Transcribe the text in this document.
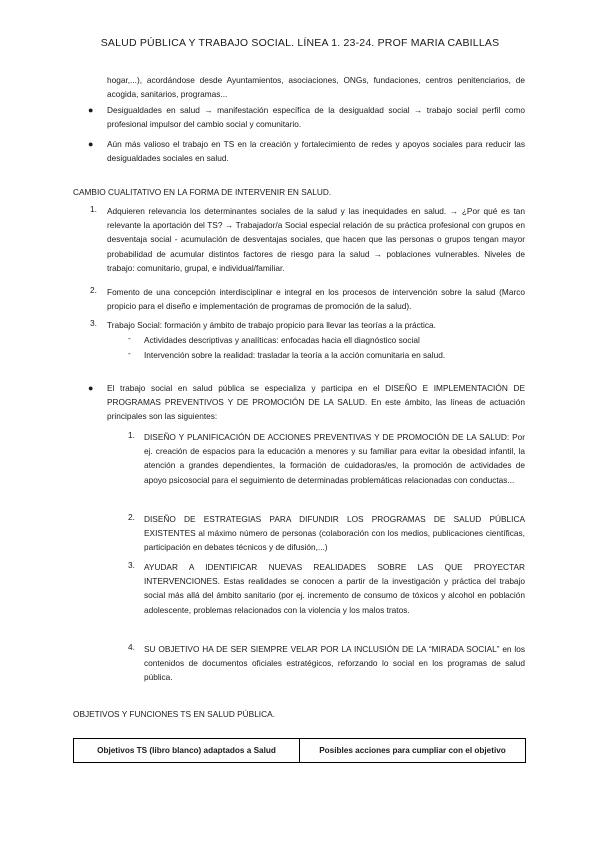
SALUD PÚBLICA Y TRABAJO SOCIAL. LÍNEA 1. 23-24. PROF MARIA CABILLAS

hogar,...), acordándose desde Ayuntamientos, asociaciones, ONGs, fundaciones, centros penitenciarios, de acogida, sanitarios, programas...

● Desigualdades en salud → manifestación específica de la desigualdad social → trabajo social perfil como profesional impulsor del cambio social y comunitario.

● Aún más valioso el trabajo en TS en la creación y fortalecimiento de redes y apoyos sociales para reducir las desigualdades sociales en salud.

CAMBIO CUALITATIVO EN LA FORMA DE INTERVENIR EN SALUD.

1. Adquieren relevancia los determinantes sociales de la salud y las inequidades en salud. → ¿Por qué es tan relevante la aportación del TS? → Trabajador/a Social especial relación de su práctica profesional con grupos en desventaja social - acumulación de desventajas sociales, que hacen que las personas o grupos tengan mayor probabilidad de acumular distintos factores de riesgo para la salud → poblaciones vulnerables. Niveles de trabajo: comunitario, grupal, e individual/familiar.

2. Fomento de una concepción interdisciplinar e integral en los procesos de intervención sobre la salud (Marco propicio para el diseño e implementación de programas de promoción de la salud).

3. Trabajo Social: formación y ámbito de trabajo propicio para llevar las teorías a la práctica.

- Actividades descriptivas y analíticas: enfocadas hacia ell diagnóstico social

- Intervención sobre la realidad: trasladar la teoría a la acción comunitaria en salud.

● El trabajo social en salud pública se especializa y participa en el DISEÑO E IMPLEMENTACIÓN DE PROGRAMAS PREVENTIVOS Y DE PROMOCIÓN DE LA SALUD. En este ámbito, las líneas de actuación principales son las siguientes:

1. DISEÑO Y PLANIFICACIÓN DE ACCIONES PREVENTIVAS Y DE PROMOCIÓN DE LA SALUD: Por ej. creación de espacios para la educación a menores y su familiar para evitar la obesidad infantil, la atención a grandes dependientes, la formación de cuidadoras/es, la promoción de actividades de apoyo psicosocial para el seguimiento de determinadas problemáticas relacionadas con conductas...

2. DISEÑO DE ESTRATEGIAS PARA DIFUNDIR LOS PROGRAMAS DE SALUD PÚBLICA EXISTENTES al máximo número de personas (colaboración con los medios, publicaciones científicas, participación en debates técnicos y de difusión,...)

3. AYUDAR A IDENTIFICAR NUEVAS REALIDADES SOBRE LAS QUE PROYECTAR INTERVENCIONES. Estas realidades se conocen a partir de la investigación y práctica del trabajo social más allá del ámbito sanitario (por ej. incremento de consumo de tóxicos y alcohol en población adolescente, problemas relacionados con la violencia y los malos tratos.

4. SU OBJETIVO HA DE SER SIEMPRE VELAR POR LA INCLUSIÓN DE LA “MIRADA SOCIAL” en los contenidos de documentos oficiales estratégicos, reforzando lo social en los programas de salud pública.

OBJETIVOS Y FUNCIONES TS EN SALUD PÚBLICA.

Objetivos TS (libro blanco) adaptados a Salud	Posibles acciones para cumpliar con el objetivo
